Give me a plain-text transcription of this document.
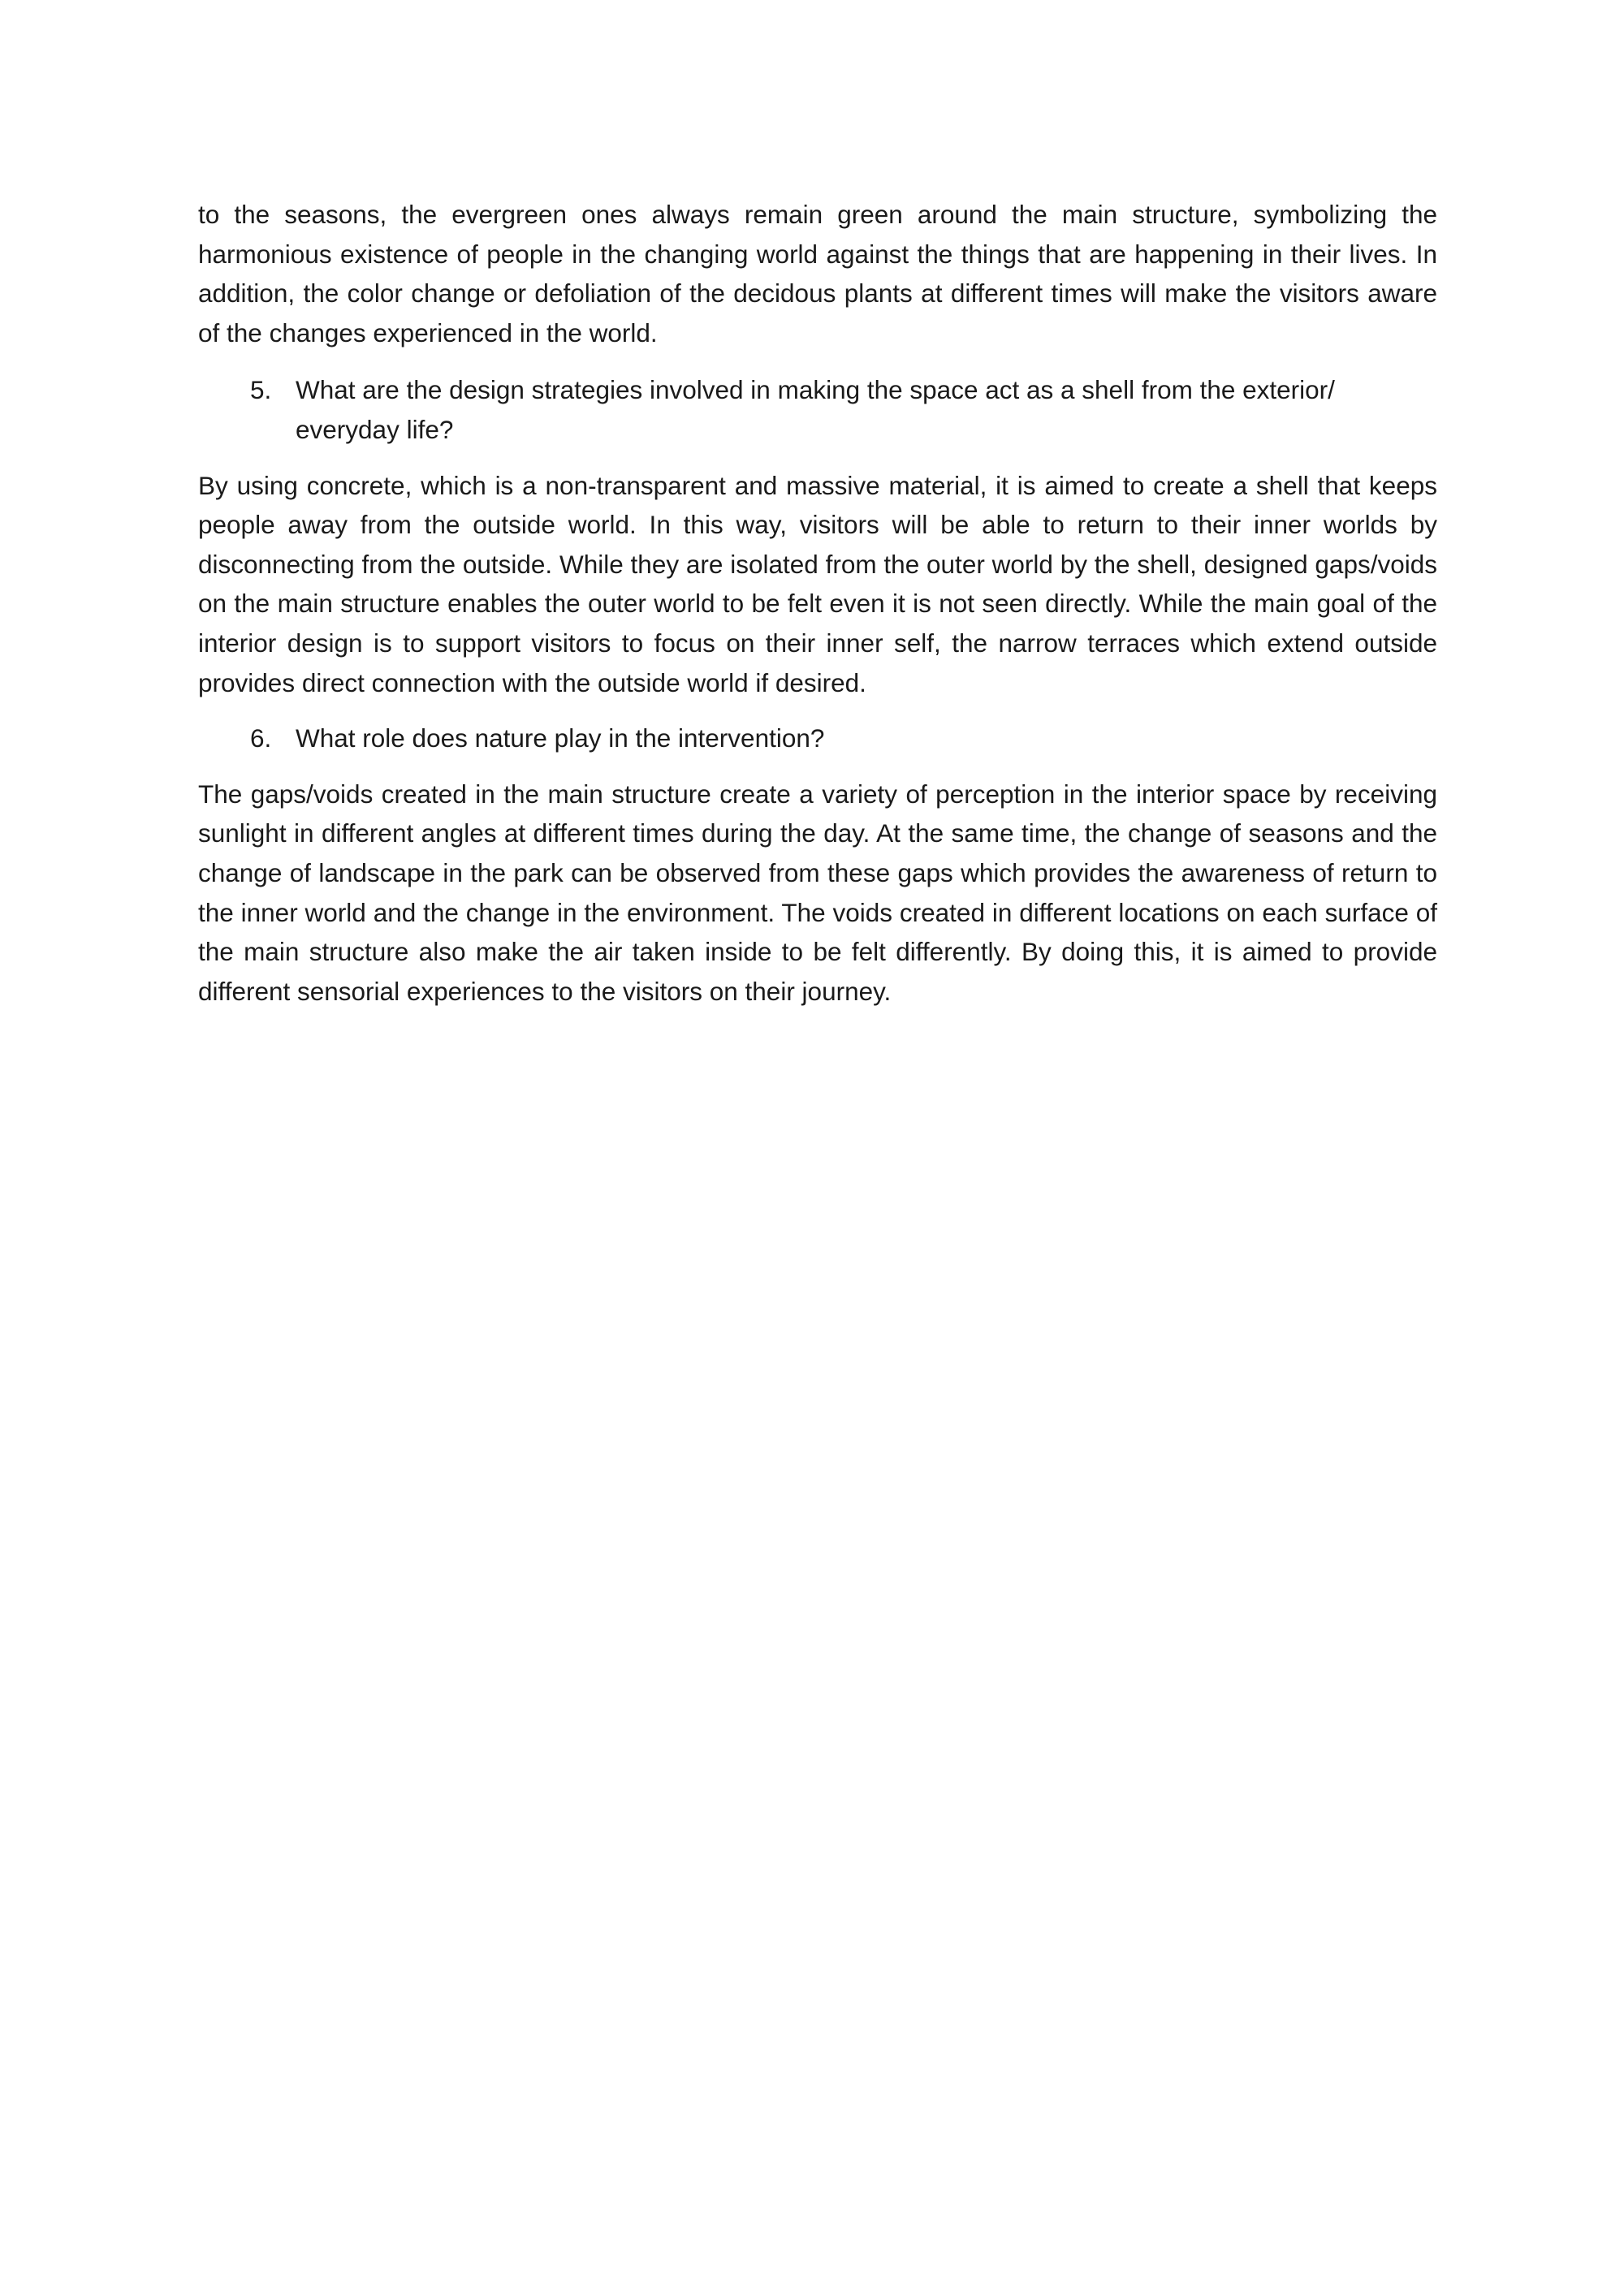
to the seasons, the evergreen ones always remain green around the main structure, symbolizing the harmonious existence of people in the changing world against the things that are happening in their lives. In addition, the color change or defoliation of the decidous plants at different times will make the visitors aware of the changes experienced in the world.

5. What are the design strategies involved in making the space act as a shell from the exterior/ everyday life?

By using concrete, which is a non-transparent and massive material, it is aimed to create a shell that keeps people away from the outside world. In this way, visitors will be able to return to their inner worlds by disconnecting from the outside. While they are isolated from the outer world by the shell, designed gaps/voids on the main structure enables the outer world to be felt even it is not seen directly. While the main goal of the interior design is to support visitors to focus on their inner self, the narrow terraces which extend outside provides direct connection with the outside world if desired.

6. What role does nature play in the intervention?

The gaps/voids created in the main structure create a variety of perception in the interior space by receiving sunlight in different angles at different times during the day. At the same time, the change of seasons and the change of landscape in the park can be observed from these gaps which provides the awareness of return to the inner world and the change in the environment. The voids created in different locations on each surface of the main structure also make the air taken inside to be felt differently. By doing this, it is aimed to provide different sensorial experiences to the visitors on their journey.
